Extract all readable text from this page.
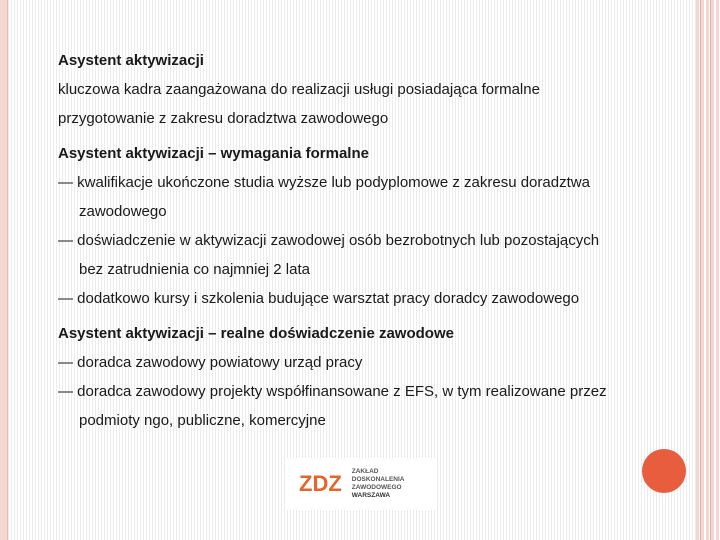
Asystent aktywizacji
kluczowa kadra zaangażowana do realizacji usługi posiadająca formalne
przygotowanie z zakresu doradztwa zawodowego
Asystent aktywizacji – wymagania formalne
— kwalifikacje ukończone studia wyższe lub podyplomowe z zakresu doradztwa
zawodowego
— doświadczenie w aktywizacji zawodowej osób bezrobotnych lub pozostających
bez zatrudnienia co najmniej 2 lata
— dodatkowo kursy i szkolenia budujące warsztat pracy doradcy zawodowego
Asystent aktywizacji – realne doświadczenie zawodowe
— doradca zawodowy powiatowy urząd pracy
— doradca zawodowy projekty współfinansowane z EFS, w tym realizowane przez
podmioty ngo, publiczne, komercyjne
ZDZ ZAKŁAD
DOSKONALENIA
ZAWODOWEGO
WARSZAWA
